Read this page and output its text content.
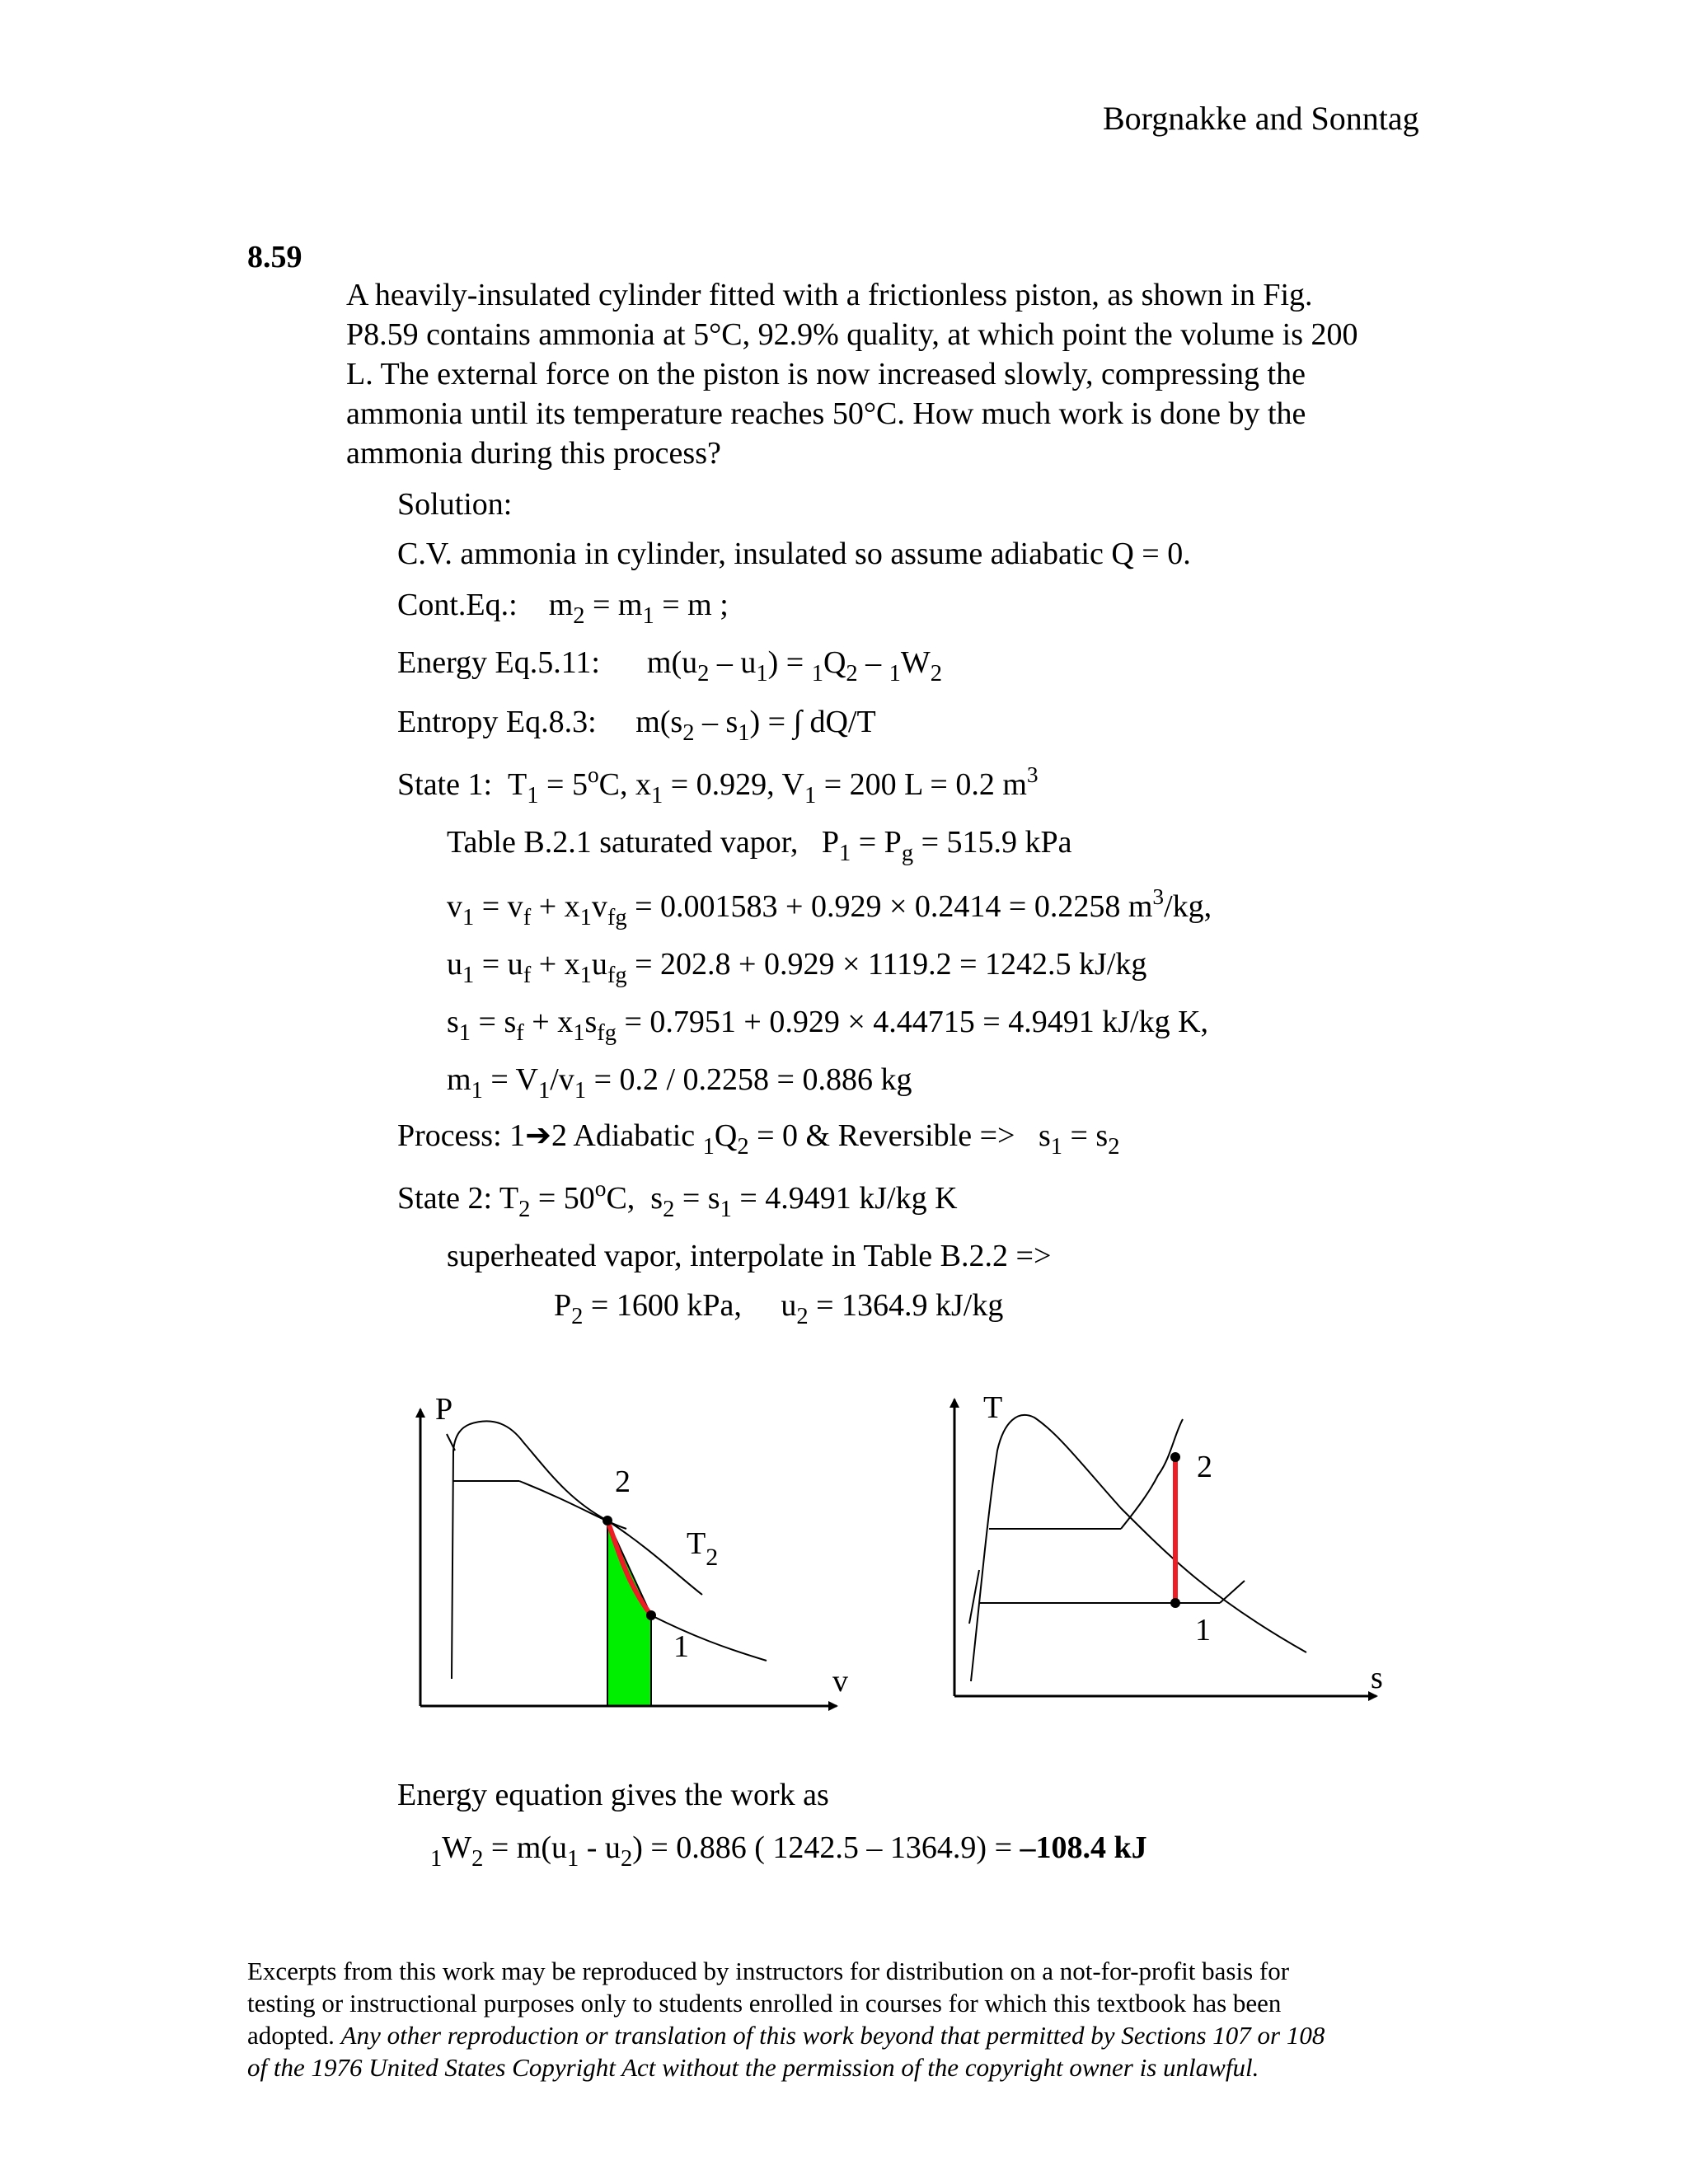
Borgnakke and Sonntag
8.59
A heavily-insulated cylinder fitted with a frictionless piston, as shown in Fig.
P8.59 contains ammonia at 5°C, 92.9% quality, at which point the volume is 200
L. The external force on the piston is now increased slowly, compressing the
ammonia until its temperature reaches 50°C. How much work is done by the
ammonia during this process?
Solution:
C.V. ammonia in cylinder, insulated so assume adiabatic Q = 0.
Cont.Eq.:    $m_2 = m_1 = m$ ;
Energy Eq.5.11:      $m(u_2 - u_1) = _1Q_2 - _1W_2$
Entropy Eq.8.3:     $m(s_2 - s_1)$ = ∫ dQ/T
State 1:  $T_1 = 5^oC$, $x_1 = 0.929$, $V_1 = 200$ L = 0.2 $m^3$
Table B.2.1 saturated vapor,   $P_1 = P_g = 515.9$ kPa
$v_1 = v_f + x_1v_{fg} = 0.001583 + 0.929 \times 0.2414 = 0.2258$ $m^3/kg$,
$u_1 = u_f + x_1u_{fg} = 202.8 + 0.929 \times 1119.2 = 1242.5$ kJ/kg
$s_1 = s_f + x_1s_{fg} = 0.7951 + 0.929 \times 4.44715 = 4.9491$ kJ/kg K,
$m_1 = V_1/v_1 = 0.2 / 0.2258 = 0.886$ kg
Process: 1➔2 Adiabatic $_1Q_2 = 0$ & Reversible =>   $s_1 = s_2$
State 2: $T_2 = 50^oC$,  $s_2 = s_1 = 4.9491$ kJ/kg K
superheated vapor, interpolate in Table B.2.2 =>
$P_2 = 1600$ kPa,     $u_2 = 1364.9$ kJ/kg
P
v
2
1
$T_2$
T
s
2
1
Energy equation gives the work as
$_1W_2 = m(u_1 - u_2) = 0.886$ ( 1242.5 – 1364.9) = –108.4 kJ
Excerpts from this work may be reproduced by instructors for distribution on a not-for-profit basis for
testing or instructional purposes only to students enrolled in courses for which this textbook has been
adopted. Any other reproduction or translation of this work beyond that permitted by Sections 107 or 108
of the 1976 United States Copyright Act without the permission of the copyright owner is unlawful.
